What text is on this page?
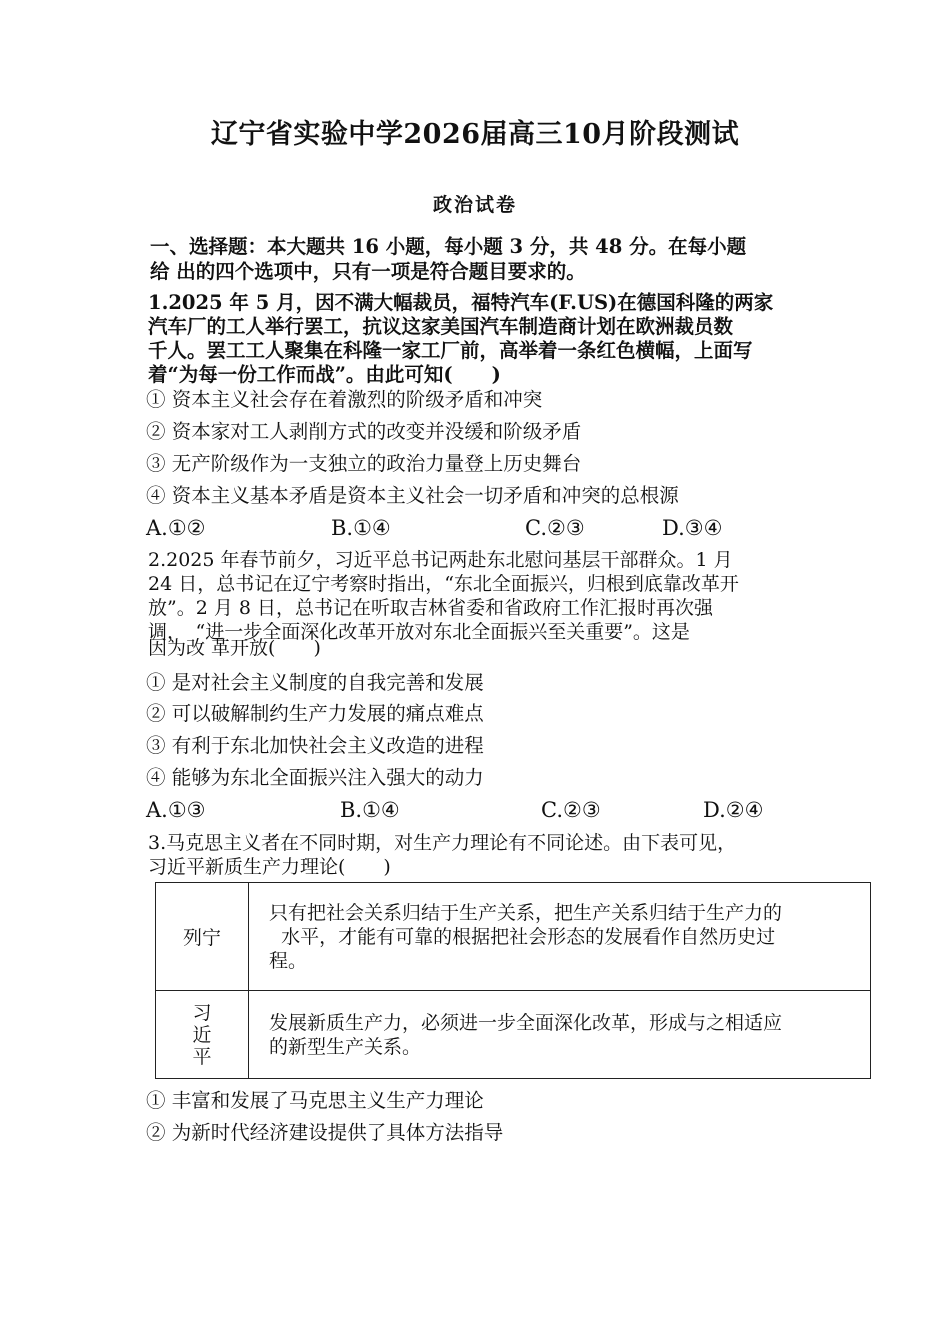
辽宁省实验中学2026届高三10月阶段测试
政治试卷
一、选择题：本大题共 16 小题，每小题 3 分，共 48 分。在每小题
给 出的四个选项中，只有一项是符合题目要求的。
1.2025 年 5 月，因不满大幅裁员，福特汽车(F.US)在德国科隆的两家
汽车厂的工人举行罢工，抗议这家美国汽车制造商计划在欧洲裁员数
千人。罢工工人聚集在科隆一家工厂前，高举着一条红色横幅，上面写
着“为每一份工作而战”。由此可知(　　)
① 资本主义社会存在着激烈的阶级矛盾和冲突
② 资本家对工人剥削方式的改变并没缓和阶级矛盾
③ 无产阶级作为一支独立的政治力量登上历史舞台
④ 资本主义基本矛盾是资本主义社会一切矛盾和冲突的总根源
A.①②	B.①④	C.②③	D.③④
2.2025 年春节前夕，习近平总书记两赴东北慰问基层干部群众。1 月
24 日，总书记在辽宁考察时指出，“东北全面振兴，归根到底靠改革开
放”。2 月 8 日，总书记在听取吉林省委和省政府工作汇报时再次强
调，　“进一步全面深化改革开放对东北全面振兴至关重要”。这是
因为改 革开放(　　)
① 是对社会主义制度的自我完善和发展
② 可以破解制约生产力发展的痛点难点
③ 有利于东北加快社会主义改造的进程
④ 能够为东北全面振兴注入强大的动力
A.①③	B.①④	C.②③	D.②④
3.马克思主义者在不同时期，对生产力理论有不同论述。由下表可见，
习近平新质生产力理论(　　)
列宁	只有把社会关系归结于生产关系，把生产关系归结于生产力的
水平，才能有可靠的根据把社会形态的发展看作自然历史过
程。

习近平	发展新质生产力，必须进一步全面深化改革，形成与之相适应
的新型生产关系。
① 丰富和发展了马克思主义生产力理论
② 为新时代经济建设提供了具体方法指导
